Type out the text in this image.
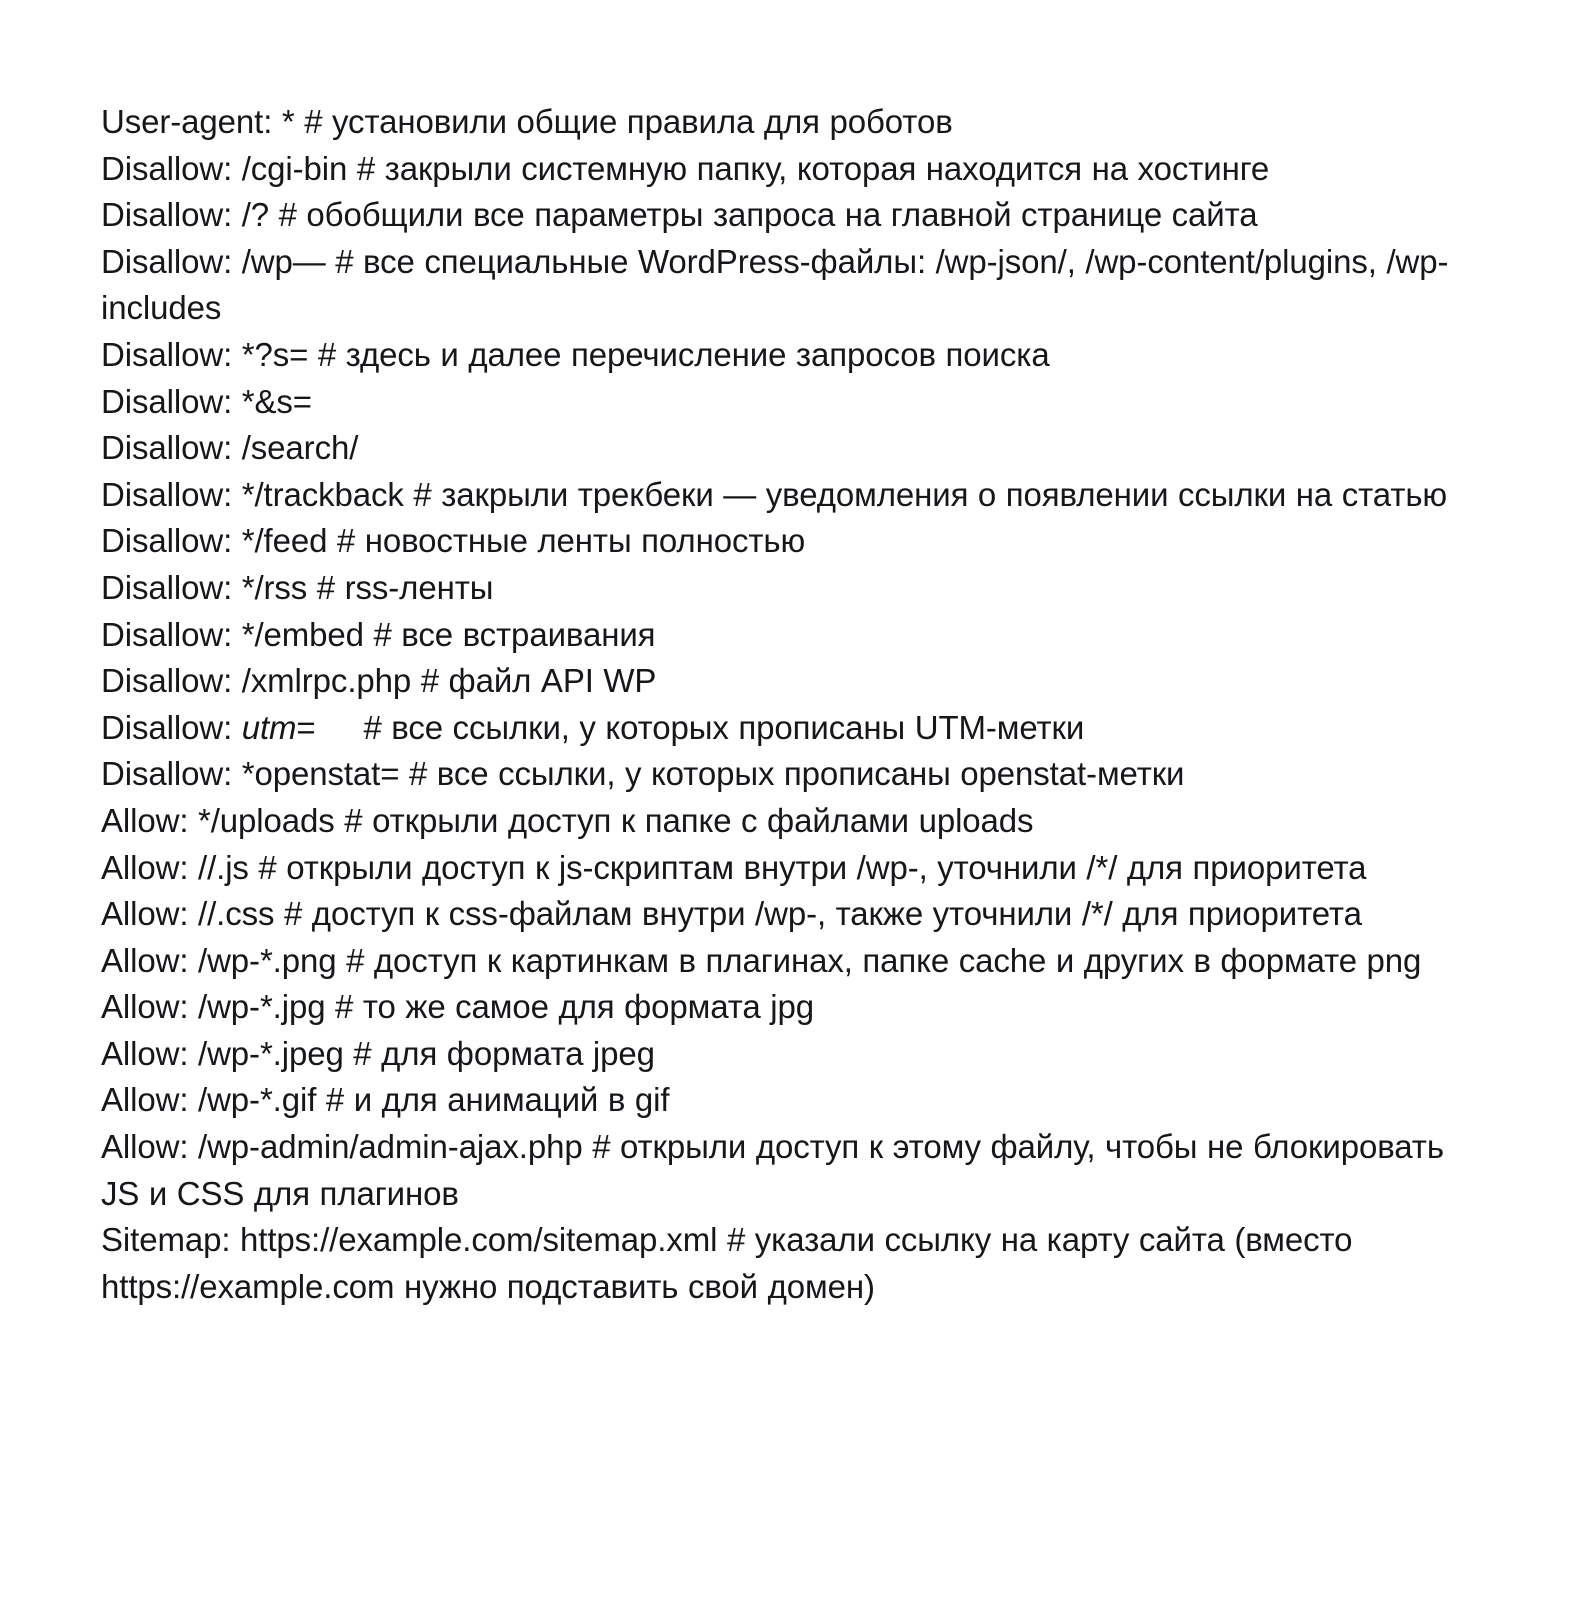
User-agent: * # установили общие правила для роботов
Disallow: /cgi-bin # закрыли системную папку, которая находится на хостинге
Disallow: /? # обобщили все параметры запроса на главной странице сайта
Disallow: /wp— # все специальные WordPress-файлы: /wp-json/, /wp-content/plugins, /wp-includes
Disallow: *?s= # здесь и далее перечисление запросов поиска
Disallow: *&s=
Disallow: /search/
Disallow: */trackback # закрыли трекбеки — уведомления о появлении ссылки на статью
Disallow: */feed # новостные ленты полностью
Disallow: */rss # rss-ленты
Disallow: */embed # все встраивания
Disallow: /xmlrpc.php # файл API WP
Disallow: utm= # все ссылки, у которых прописаны UTM-метки
Disallow: *openstat= # все ссылки, у которых прописаны openstat-метки
Allow: */uploads # открыли доступ к папке с файлами uploads
Allow: //.js # открыли доступ к js-скриптам внутри /wp-, уточнили /*/ для приоритета
Allow: //.css # доступ к css-файлам внутри /wp-, также уточнили /*/ для приоритета
Allow: /wp-*.png # доступ к картинкам в плагинах, папке cache и других в формате png
Allow: /wp-*.jpg # то же самое для формата jpg
Allow: /wp-*.jpeg # для формата jpeg
Allow: /wp-*.gif # и для анимаций в gif
Allow: /wp-admin/admin-ajax.php # открыли доступ к этому файлу, чтобы не блокировать JS и CSS для плагинов
Sitemap: https://example.com/sitemap.xml # указали ссылку на карту сайта (вместо https://example.com нужно подставить свой домен)
